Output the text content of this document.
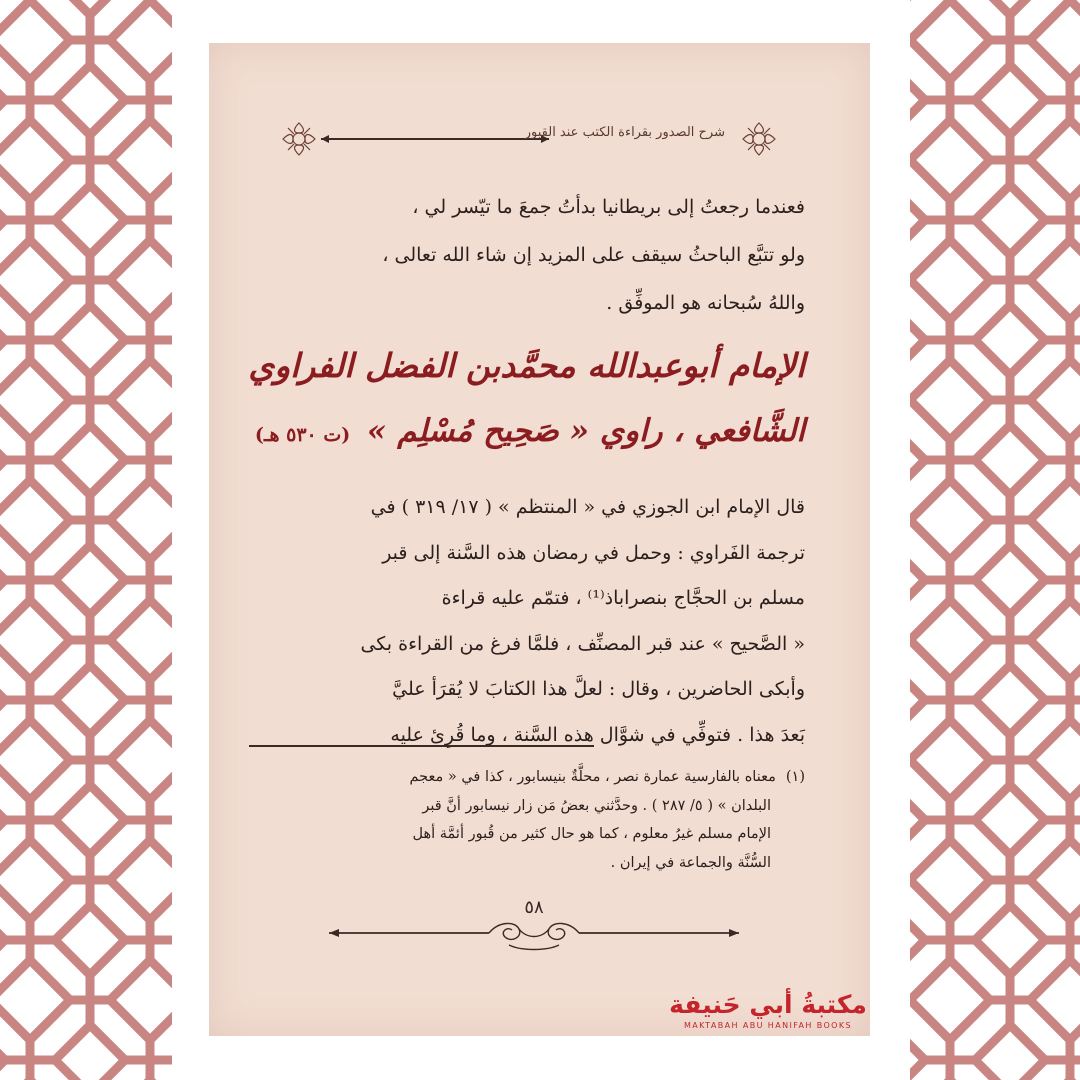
شرح الصدور بقراءة الكتب عند القبور

فعندما رجعتُ إلى بريطانيا بدأتُ جمعَ ما تيّسر لي ،

ولو تتبَّع الباحثُ سيقف على المزيد إن شاء الله تعالى ،

واللهُ سُبحانه هو الموفِّق .

الإمام أبوعبدالله محمَّدبن الفضل الفراوي
الشَّافعي ، راوي « صَحِيح مُسْلِم » (ت ٥٣٠ هـ)

قال الإمام ابن الجوزي في « المنتظم » ( ١٧/ ٣١٩ ) في

ترجمة الفَراوي : وحمل في رمضان هذه السَّنة إلى قبر

مسلم بن الحجَّاج بنصراباذ⁽¹⁾ ، فتمّم عليه قراءة

« الصَّحيح » عند قبر المصنِّف ، فلمَّا فرغ من القراءة بكى

وأبكى الحاضرين ، وقال : لعلَّ هذا الكتابَ لا يُقرَأ عليَّ

بَعدَ هذا . فتوفِّي في شوَّال هذه السَّنة ، وما قُرِئ عليه

(١)معناه بالفارسية عمارة نصر ، محلَّةٌ بنيسابور ، كذا في « معجم
البلدان » ( ٥/ ٢٨٧ ) . وحدَّثني بعضُ مَن زار نيسابور أنَّ قبر
الإمام مسلم غيرُ معلوم ، كما هو حال كثير من قُبور أئمَّة أهل
السُّنَّة والجماعة في إيران .
٥٨
مكتبةُ أبي حَنيفة
MAKTABAH ABU HANIFAH BOOKS
